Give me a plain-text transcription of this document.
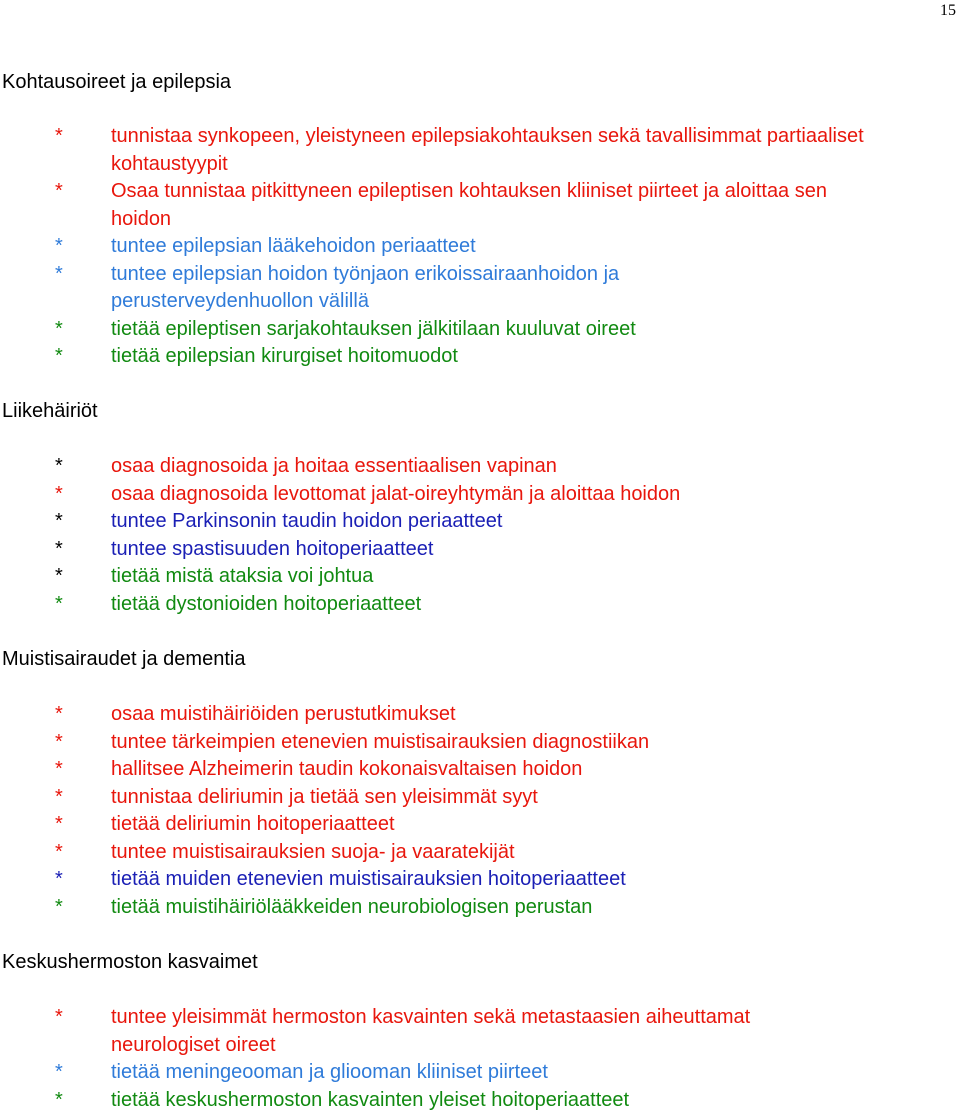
15
Kohtausoireet ja epilepsia
* tunnistaa synkopeen, yleistyneen epilepsiakohtauksen sekä tavallisimmat partiaaliset kohtaustyypit
* Osaa tunnistaa pitkittyneen epileptisen kohtauksen kliiniset piirteet ja aloittaa sen hoidon
* tuntee epilepsian lääkehoidon periaatteet
* tuntee epilepsian hoidon työnjaon erikoissairaanhoidon ja perusterveydenhuollon välillä
* tietää epileptisen sarjakohtauksen jälkitilaan kuuluvat oireet
* tietää epilepsian kirurgiset hoitomuodot
Liikehäiriöt
* osaa diagnosoida ja hoitaa essentiaalisen vapinan
* osaa diagnosoida levottomat jalat-oireyhtymän ja aloittaa hoidon
* tuntee Parkinsonin taudin hoidon periaatteet
* tuntee spastisuuden hoitoperiaatteet
* tietää mistä ataksia voi johtua
* tietää dystonioiden hoitoperiaatteet
Muistisairaudet ja dementia
* osaa muistihäiriöiden perustutkimukset
* tuntee tärkeimpien etenevien muistisairauksien diagnostiikan
* hallitsee Alzheimerin taudin kokonaisvaltaisen hoidon
* tunnistaa deliriumin ja tietää sen yleisimmät syyt
* tietää deliriumin hoitoperiaatteet
* tuntee muistisairauksien suoja- ja vaaratekijät
* tietää muiden etenevien muistisairauksien hoitoperiaatteet
* tietää muistihäiriölääkkeiden neurobiologisen perustan
Keskushermoston kasvaimet
* tuntee yleisimmät hermoston kasvainten sekä metastaasien aiheuttamat neurologiset oireet
* tietää meningeooman ja gliooman kliiniset piirteet
* tietää keskushermoston kasvainten yleiset hoitoperiaatteet
